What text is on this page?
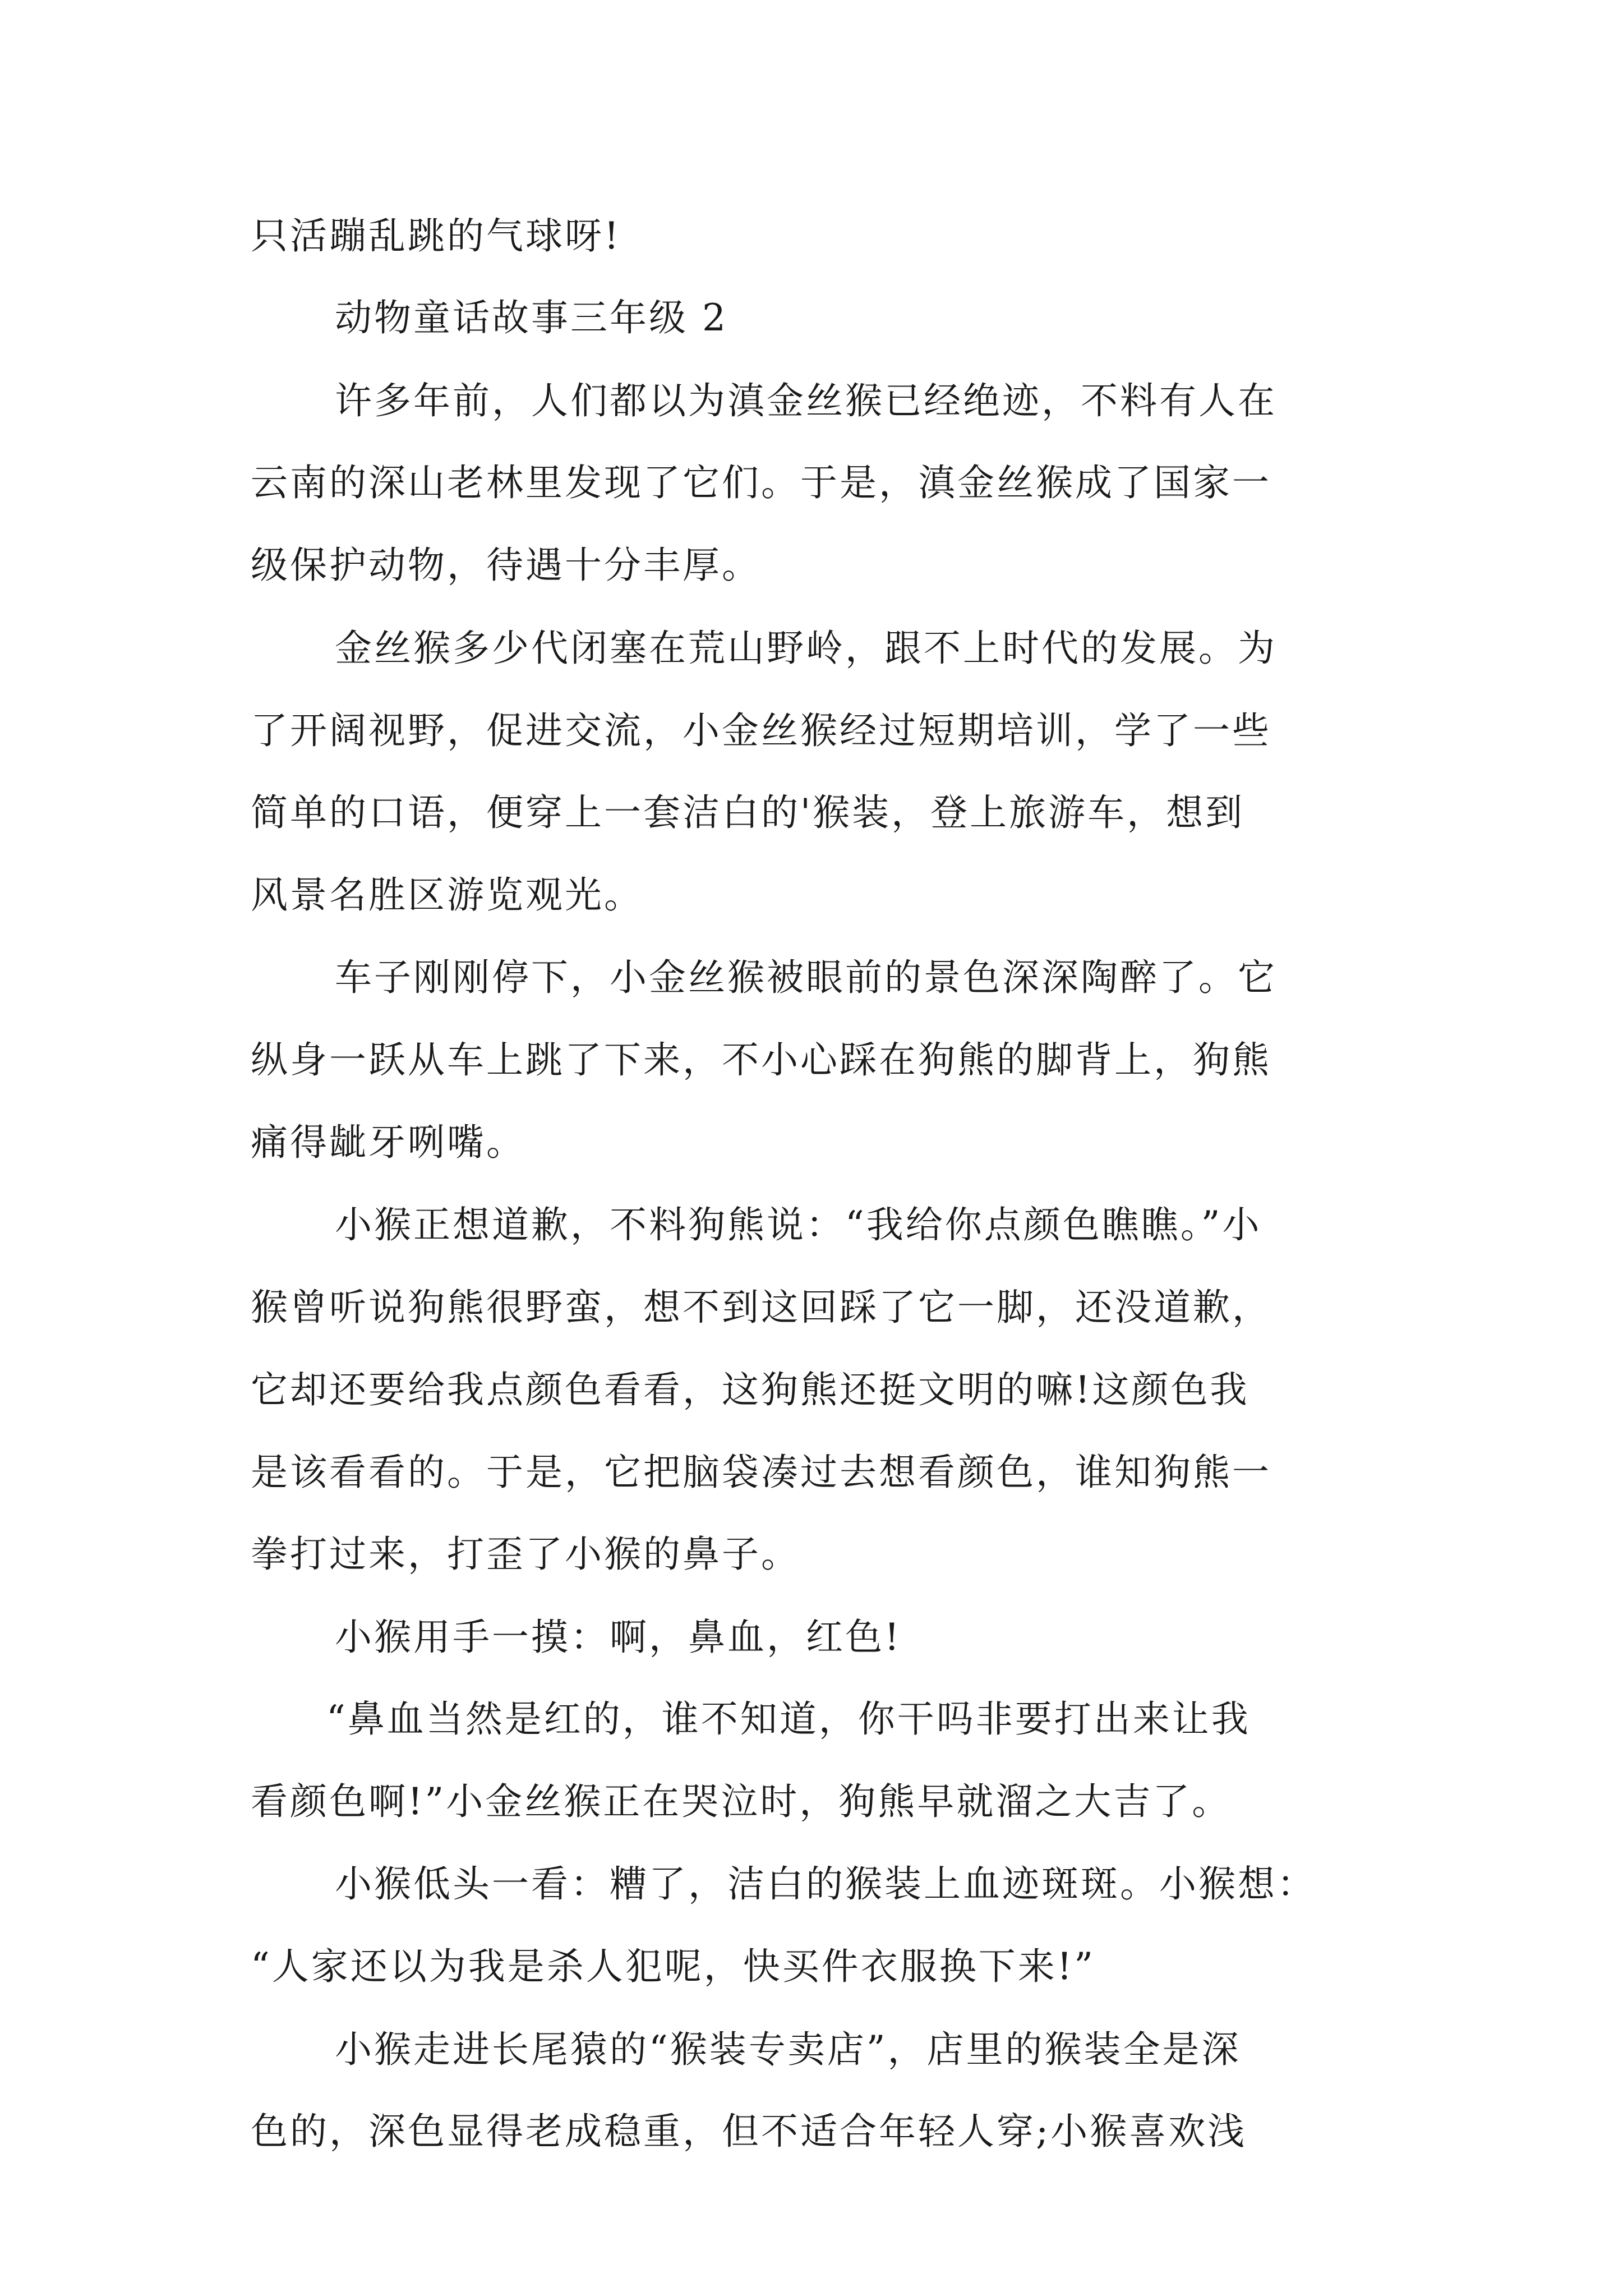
只活蹦乱跳的气球呀!
动物童话故事三年级 2
许多年前，人们都以为滇金丝猴已经绝迹，不料有人在
云南的深山老林里发现了它们。于是，滇金丝猴成了国家一
级保护动物，待遇十分丰厚。
金丝猴多少代闭塞在荒山野岭，跟不上时代的发展。为
了开阔视野，促进交流，小金丝猴经过短期培训，学了一些
简单的口语，便穿上一套洁白的'猴装，登上旅游车，想到
风景名胜区游览观光。
车子刚刚停下，小金丝猴被眼前的景色深深陶醉了。它
纵身一跃从车上跳了下来，不小心踩在狗熊的脚背上，狗熊
痛得龇牙咧嘴。
小猴正想道歉，不料狗熊说：“我给你点颜色瞧瞧。”小
猴曾听说狗熊很野蛮，想不到这回踩了它一脚，还没道歉，
它却还要给我点颜色看看，这狗熊还挺文明的嘛!这颜色我
是该看看的。于是，它把脑袋凑过去想看颜色，谁知狗熊一
拳打过来，打歪了小猴的鼻子。
小猴用手一摸：啊，鼻血，红色!
“鼻血当然是红的，谁不知道，你干吗非要打出来让我
看颜色啊!”小金丝猴正在哭泣时，狗熊早就溜之大吉了。
小猴低头一看：糟了，洁白的猴装上血迹斑斑。小猴想：
“人家还以为我是杀人犯呢，快买件衣服换下来!”
小猴走进长尾猿的“猴装专卖店”，店里的猴装全是深
色的，深色显得老成稳重，但不适合年轻人穿;小猴喜欢浅
